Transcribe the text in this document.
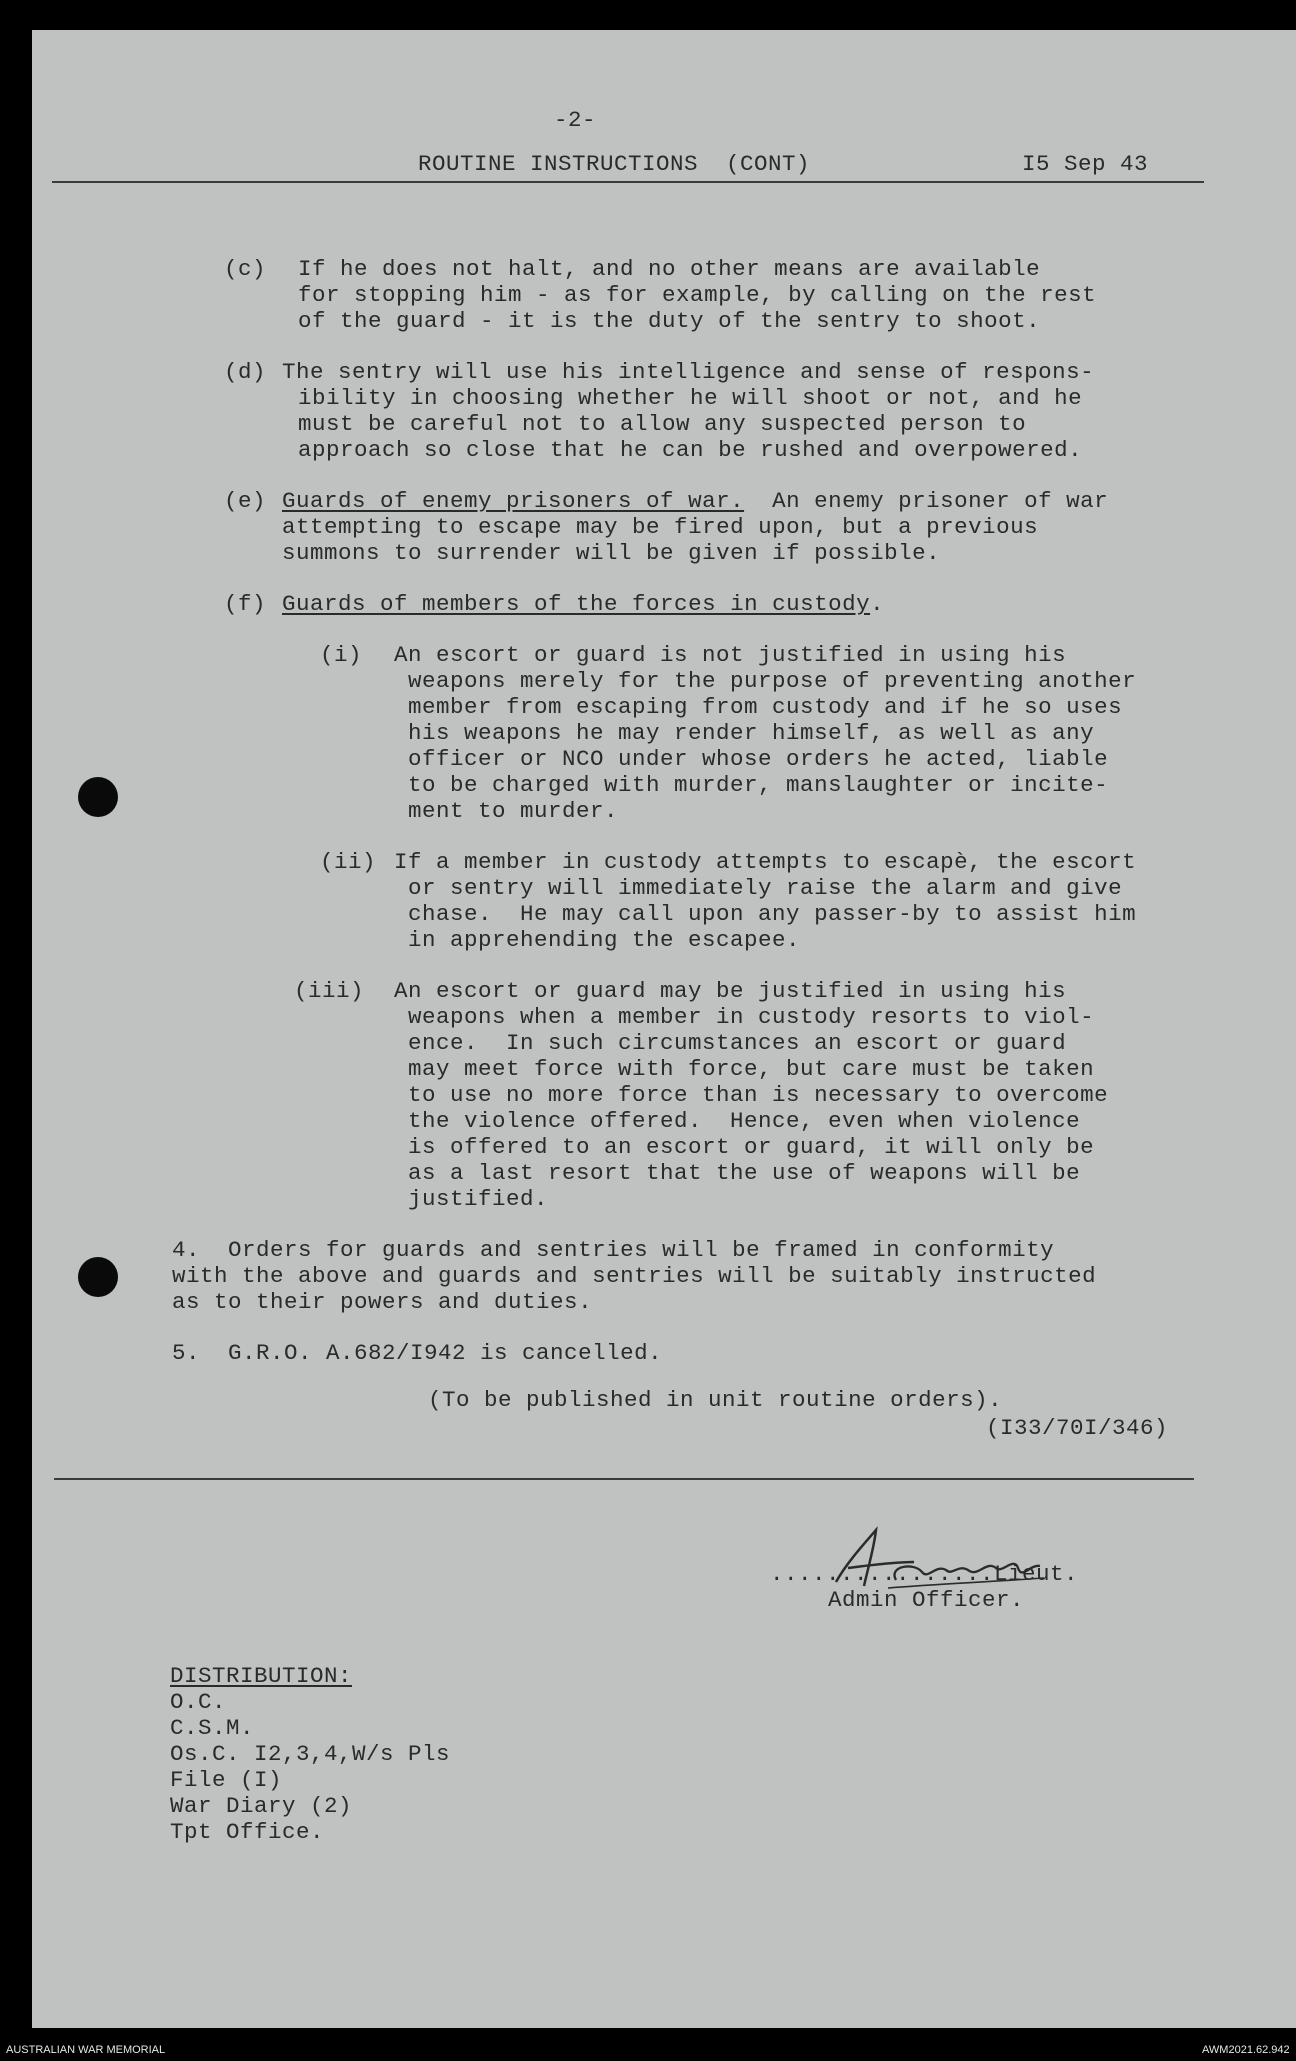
-2-
ROUTINE INSTRUCTIONS  (CONT)	I5 Sep 43
(c) If he does not halt, and no other means are available
for stopping him - as for example, by calling on the rest
of the guard - it is the duty of the sentry to shoot.
(d) The sentry will use his intelligence and sense of respons-
ibility in choosing whether he will shoot or not, and he
must be careful not to allow any suspected person to
approach so close that he can be rushed and overpowered.
(e) Guards of enemy prisoners of war.  An enemy prisoner of war
attempting to escape may be fired upon, but a previous
summons to surrender will be given if possible.
(f) Guards of members of the forces in custody.
(i) An escort or guard is not justified in using his
weapons merely for the purpose of preventing another
member from escaping from custody and if he so uses
his weapons he may render himself, as well as any
officer or NCO under whose orders he acted, liable
to be charged with murder, manslaughter or incite-
ment to murder.
(ii) If a member in custody attempts to escapè, the escort
or sentry will immediately raise the alarm and give
chase.  He may call upon any passer-by to assist him
in apprehending the escapee.
(iii) An escort or guard may be justified in using his
weapons when a member in custody resorts to viol-
ence.  In such circumstances an escort or guard
may meet force with force, but care must be taken
to use no more force than is necessary to overcome
the violence offered.  Hence, even when violence
is offered to an escort or guard, it will only be
as a last resort that the use of weapons will be
justified.
4.  Orders for guards and sentries will be framed in conformity
with the above and guards and sentries will be suitably instructed
as to their powers and duties.
5.  G.R.O. A.682/I942 is cancelled.
(To be published in unit routine orders).
(I33/70I/346)

................Lieut.
Admin Officer.
DISTRIBUTION:
O.C.
C.S.M.
Os.C. I2,3,4,W/s Pls
File (I)
War Diary (2)
Tpt Office.
AUSTRALIAN WAR MEMORIAL	AWM2021.62.942
